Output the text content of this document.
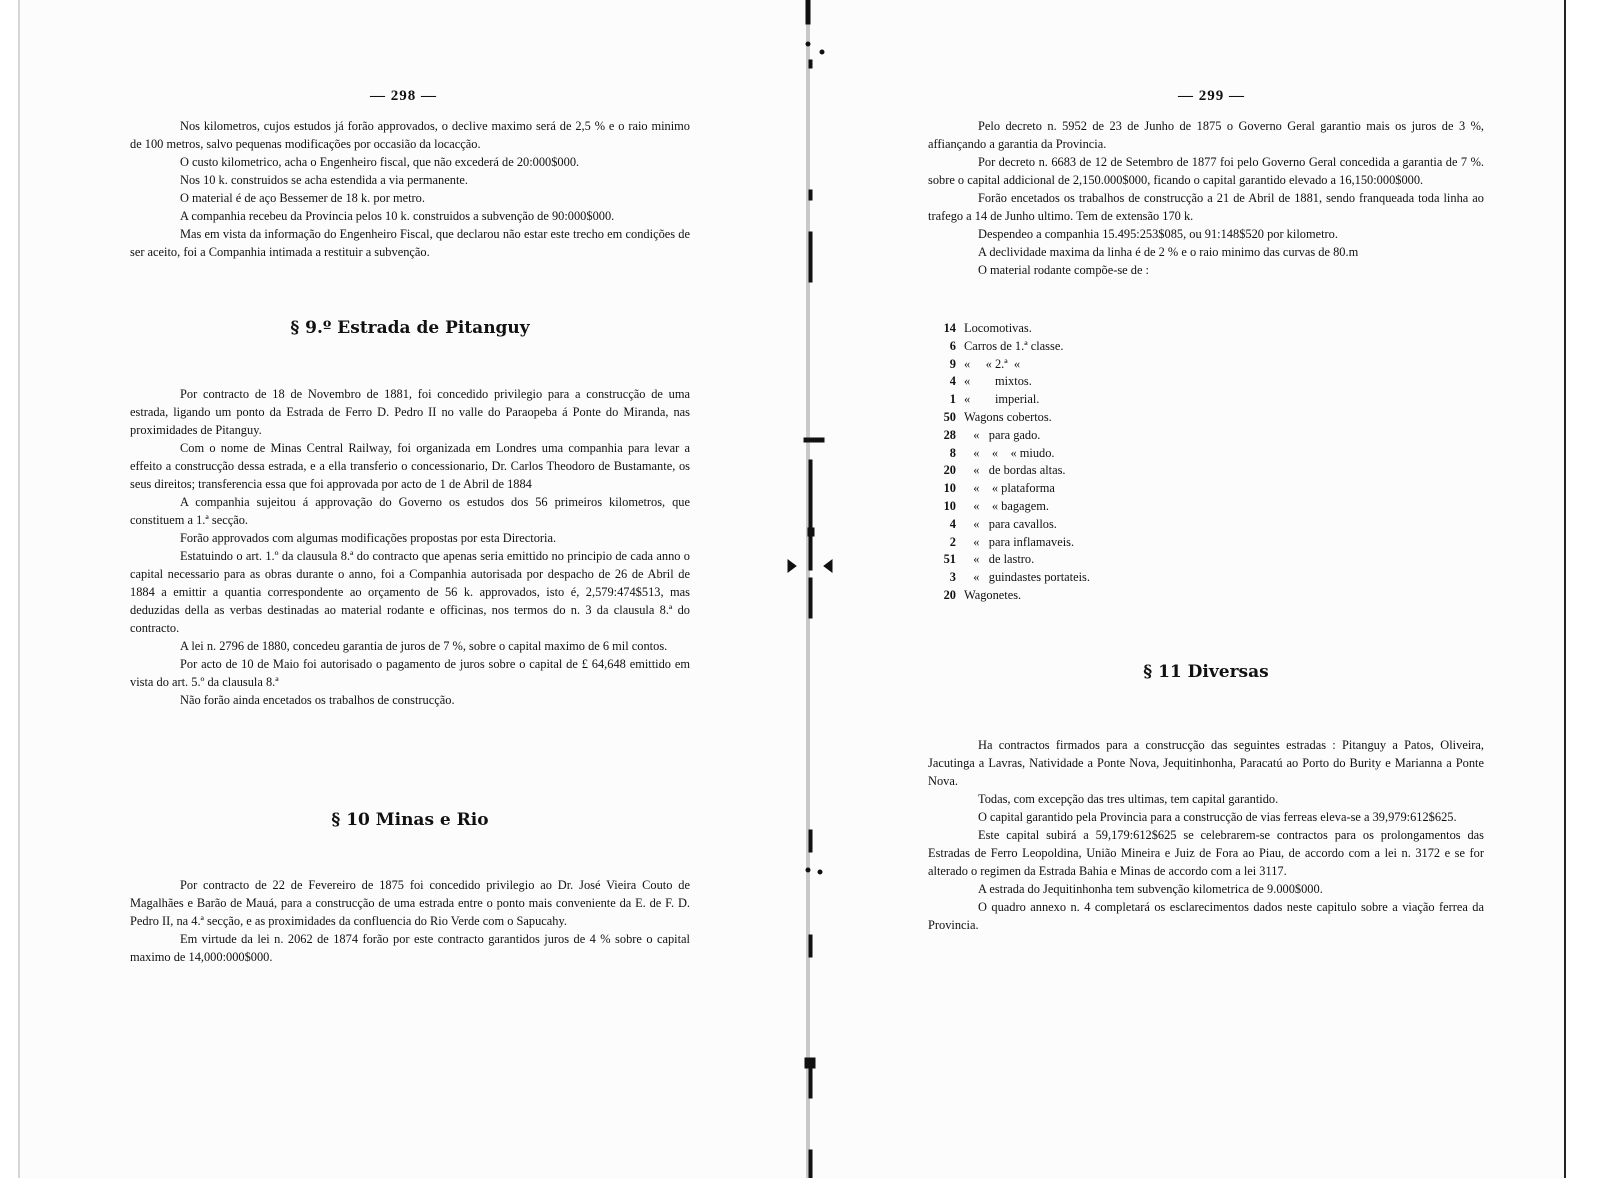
— 298 —

Nos kilometros, cujos estudos já forão approvados, o declive maximo será de 2,5 % e o raio minimo de 100 metros, salvo pequenas modificações por occasião da locacção.

O custo kilometrico, acha o Engenheiro fiscal, que não excederá de 20:000$000.

Nos 10 k. construidos se acha estendida a via permanente.

O material é de aço Bessemer de 18 k. por metro.

A companhia recebeu da Provincia pelos 10 k. construidos a subvenção de 90:000$000.

Mas em vista da informação do Engenheiro Fiscal, que declarou não estar este trecho em condições de ser aceito, foi a Companhia intimada a restituir a subvenção.

§ 9.º Estrada de Pitanguy

Por contracto de 18 de Novembro de 1881, foi concedido privilegio para a construcção de uma estrada, ligando um ponto da Estrada de Ferro D. Pedro II no valle do Paraopeba á Ponte do Miranda, nas proximidades de Pitanguy.

Com o nome de Minas Central Railway, foi organizada em Londres uma companhia para levar a effeito a construcção dessa estrada, e a ella transferio o concessionario, Dr. Carlos Theodoro de Bustamante, os seus direitos; transferencia essa que foi approvada por acto de 1 de Abril de 1884

A companhia sujeitou á approvação do Governo os estudos dos 56 primeiros kilometros, que constituem a 1.ª secção.

Forão approvados com algumas modificações propostas por esta Directoria.

Estatuindo o art. 1.º da clausula 8.ª do contracto que apenas seria emittido no principio de cada anno o capital necessario para as obras durante o anno, foi a Companhia autorisada por despacho de 26 de Abril de 1884 a emittir a quantia correspondente ao orçamento de 56 k. approvados, isto é, 2,579:474$513, mas deduzidas della as verbas destinadas ao material rodante e officinas, nos termos do n. 3 da clausula 8.ª do contracto.

A lei n. 2796 de 1880, concedeu garantia de juros de 7 %, sobre o capital maximo de 6 mil contos.

Por acto de 10 de Maio foi autorisado o pagamento de juros sobre o capital de £ 64,648 emittido em vista do art. 5.º da clausula 8.ª

Não forão ainda encetados os trabalhos de construcção.

§ 10 Minas e Rio

Por contracto de 22 de Fevereiro de 1875 foi concedido privilegio ao Dr. José Vieira Couto de Magalhães e Barão de Mauá, para a construcção de uma estrada entre o ponto mais conveniente da E. de F. D. Pedro II, na 4.ª secção, e as proximidades da confluencia do Rio Verde com o Sapucahy.

Em virtude da lei n. 2062 de 1874 forão por este contracto garantidos juros de 4 % sobre o capital maximo de 14,000:000$000.

— 299 —

Pelo decreto n. 5952 de 23 de Junho de 1875 o Governo Geral garantio mais os juros de 3 %, affiançando a garantia da Provincia.

Por decreto n. 6683 de 12 de Setembro de 1877 foi pelo Governo Geral concedida a garantia de 7 %. sobre o capital addicional de 2,150.000$000, ficando o capital garantido elevado a 16,150:000$000.

Forão encetados os trabalhos de construcção a 21 de Abril de 1881, sendo franqueada toda linha ao trafego a 14 de Junho ultimo. Tem de extensão 170 k.

Despendeo a companhia 15.495:253$085, ou 91:148$520 por kilometro.

A declividade maxima da linha é de 2 % e o raio minimo das curvas de 80.m

O material rodante compõe-se de :

14 Locomotivas.
6 Carros de 1.ª classe.
9 «     « 2.ª  «
4 «        mixtos.
1 «        imperial.
50 Wagons cobertos.
28 «   para gado.
8 «    «    « miudo.
20 «   de bordas altas.
10 «    « plataforma
10 «    « bagagem.
4 «   para cavallos.
2 «   para inflamaveis.
51 «   de lastro.
3 «   guindastes portateis.
20 Wagonetes.
§ 11 Diversas

Ha contractos firmados para a construcção das seguintes estradas : Pitanguy a Patos, Oliveira, Jacutinga a Lavras, Natividade a Ponte Nova, Jequitinhonha, Paracatú ao Porto do Burity e Marianna a Ponte Nova.

Todas, com excepção das tres ultimas, tem capital garantido.

O capital garantido pela Provincia para a construcção de vias ferreas eleva-se a 39,979:612$625.

Este capital subirá a 59,179:612$625 se celebrarem-se contractos para os prolongamentos das Estradas de Ferro Leopoldina, União Mineira e Juiz de Fora ao Piau, de accordo com a lei n. 3172 e se for alterado o regimen da Estrada Bahia e Minas de accordo com a lei 3117.

A estrada do Jequitinhonha tem subvenção kilometrica de 9.000$000.

O quadro annexo n. 4 completará os esclarecimentos dados neste capitulo sobre a viação ferrea da Provincia.
